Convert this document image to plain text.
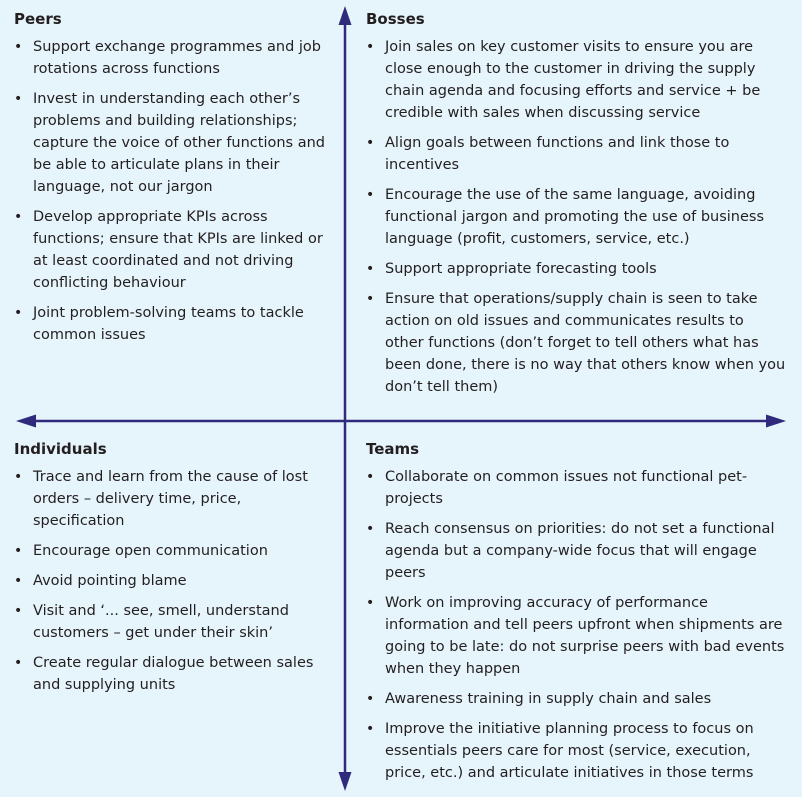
Peers
• Support exchange programmes and job rotations across functions
• Invest in understanding each other’s problems and building relationships; capture the voice of other functions and be able to articulate plans in their language, not our jargon
• Develop appropriate KPIs across functions; ensure that KPIs are linked or at least coordinated and not driving conflicting behaviour
• Joint problem-solving teams to tackle common issues
Bosses
• Join sales on key customer visits to ensure you are close enough to the customer in driving the supply chain agenda and focusing efforts and service + be credible with sales when discussing service
• Align goals between functions and link those to incentives
• Encourage the use of the same language, avoiding functional jargon and promoting the use of business language (profit, customers, service, etc.)
• Support appropriate forecasting tools
• Ensure that operations/supply chain is seen to take action on old issues and communicates results to other functions (don’t forget to tell others what has been done, there is no way that others know when you don’t tell them)
Individuals
• Trace and learn from the cause of lost orders – delivery time, price, specification
• Encourage open communication
• Avoid pointing blame
• Visit and ‘... see, smell, understand customers – get under their skin’
• Create regular dialogue between sales and supplying units
Teams
• Collaborate on common issues not functional pet-projects
• Reach consensus on priorities: do not set a functional agenda but a company-wide focus that will engage peers
• Work on improving accuracy of performance information and tell peers upfront when shipments are going to be late: do not surprise peers with bad events when they happen
• Awareness training in supply chain and sales
• Improve the initiative planning process to focus on essentials peers care for most (service, execution, price, etc.) and articulate initiatives in those terms
